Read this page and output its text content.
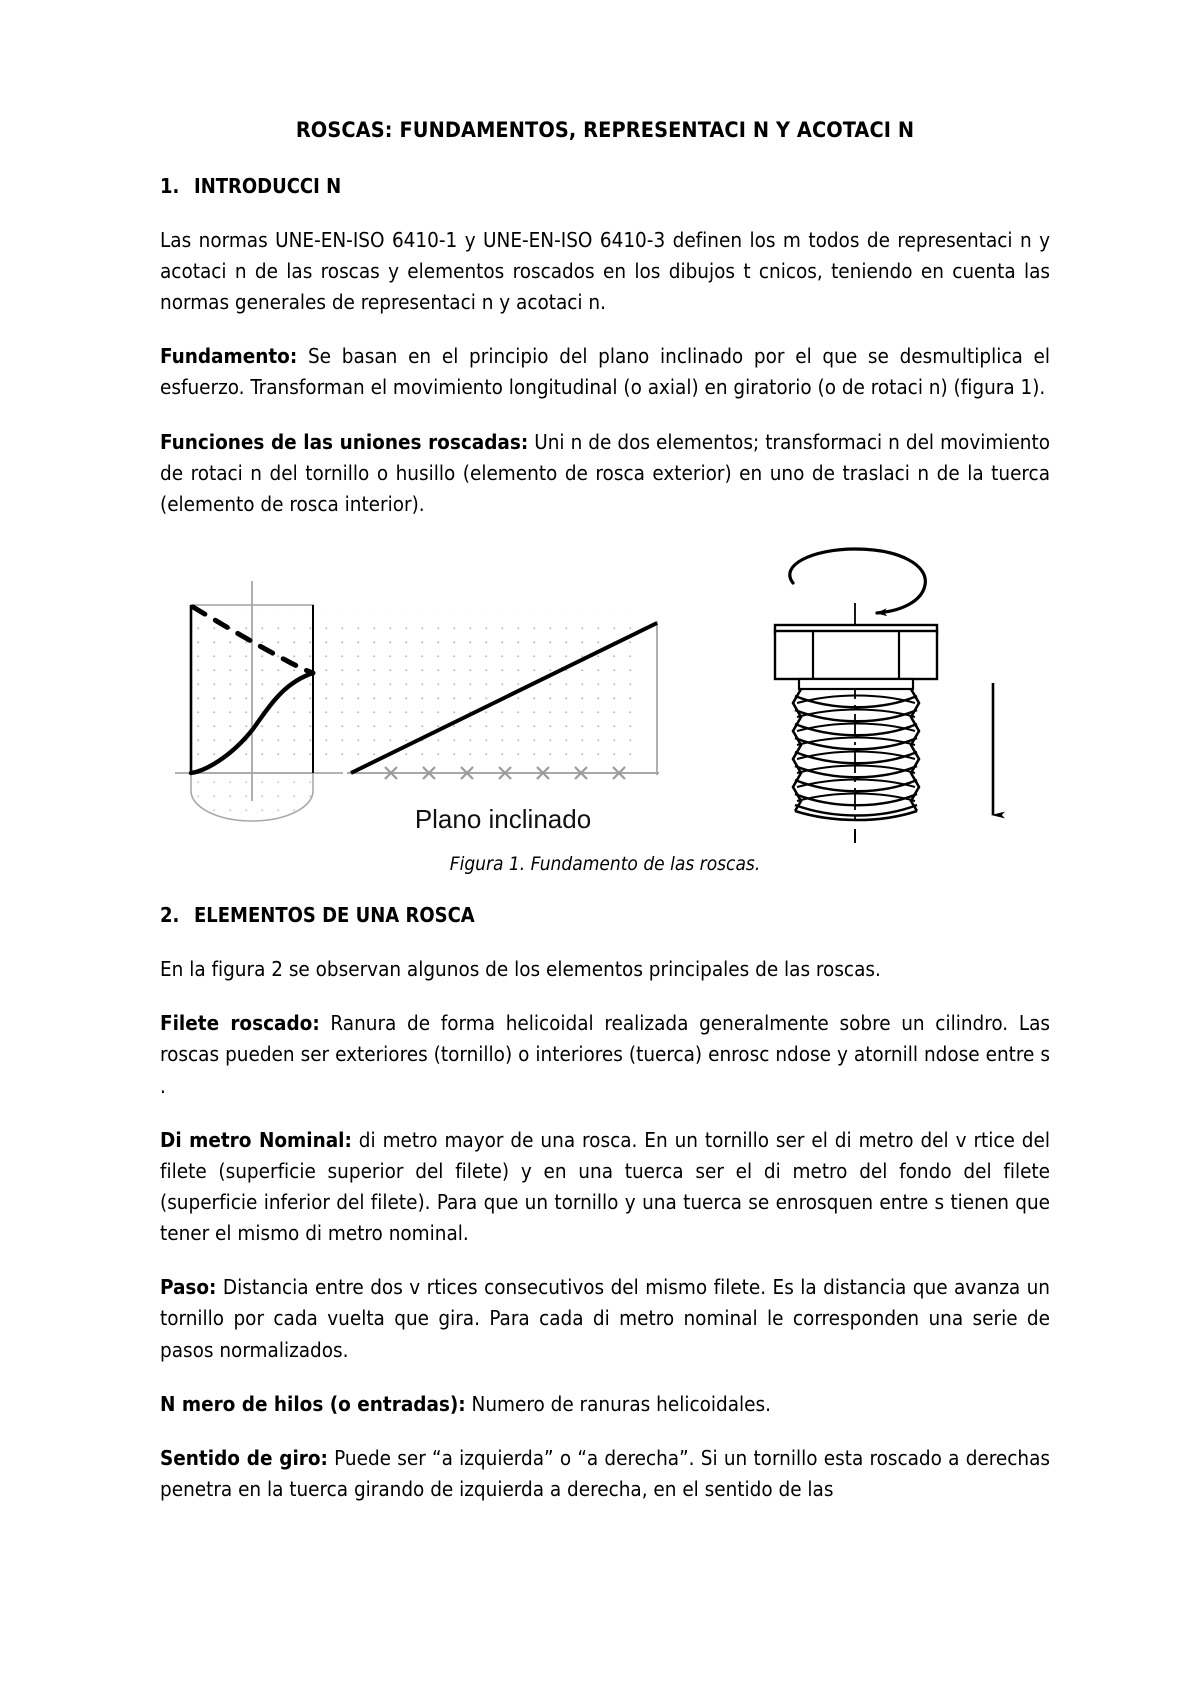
ROSCAS: FUNDAMENTOS, REPRESENTACI N Y ACOTACI N
1. INTRODUCCI N

Las normas UNE-EN-ISO 6410-1 y UNE-EN-ISO 6410-3 definen los m todos de representaci n y acotaci n de las roscas y elementos roscados en los dibujos t cnicos, teniendo en cuenta las normas generales de representaci n y acotaci n.

Fundamento: Se basan en el principio del plano inclinado por el que se desmultiplica el esfuerzo. Transforman el movimiento longitudinal (o axial) en giratorio (o de rotaci n) (figura 1).

Funciones de las uniones roscadas: Uni n de dos elementos; transformaci n del movimiento de rotaci n del tornillo o husillo (elemento de rosca exterior) en uno de traslaci n de la tuerca (elemento de rosca interior).

Plano inclinado
Figura 1. Fundamento de las roscas.
2. ELEMENTOS DE UNA ROSCA

En la figura 2 se observan algunos de los elementos principales de las roscas.

Filete roscado: Ranura de forma helicoidal realizada generalmente sobre un cilindro. Las roscas pueden ser exteriores (tornillo) o interiores (tuerca) enrosc ndose y atornill ndose entre s .

Di metro Nominal: di metro mayor de una rosca. En un tornillo ser el di metro del v rtice del filete (superficie superior del filete) y en una tuerca ser el di metro del fondo del filete (superficie inferior del filete). Para que un tornillo y una tuerca se enrosquen entre s tienen que tener el mismo di metro nominal.

Paso: Distancia entre dos v rtices consecutivos del mismo filete. Es la distancia que avanza un tornillo por cada vuelta que gira. Para cada di metro nominal le corresponden una serie de pasos normalizados.

N mero de hilos (o entradas): Numero de ranuras helicoidales.

Sentido de giro: Puede ser “a izquierda” o “a derecha”. Si un tornillo esta roscado a derechas penetra en la tuerca girando de izquierda a derecha, en el sentido de las
